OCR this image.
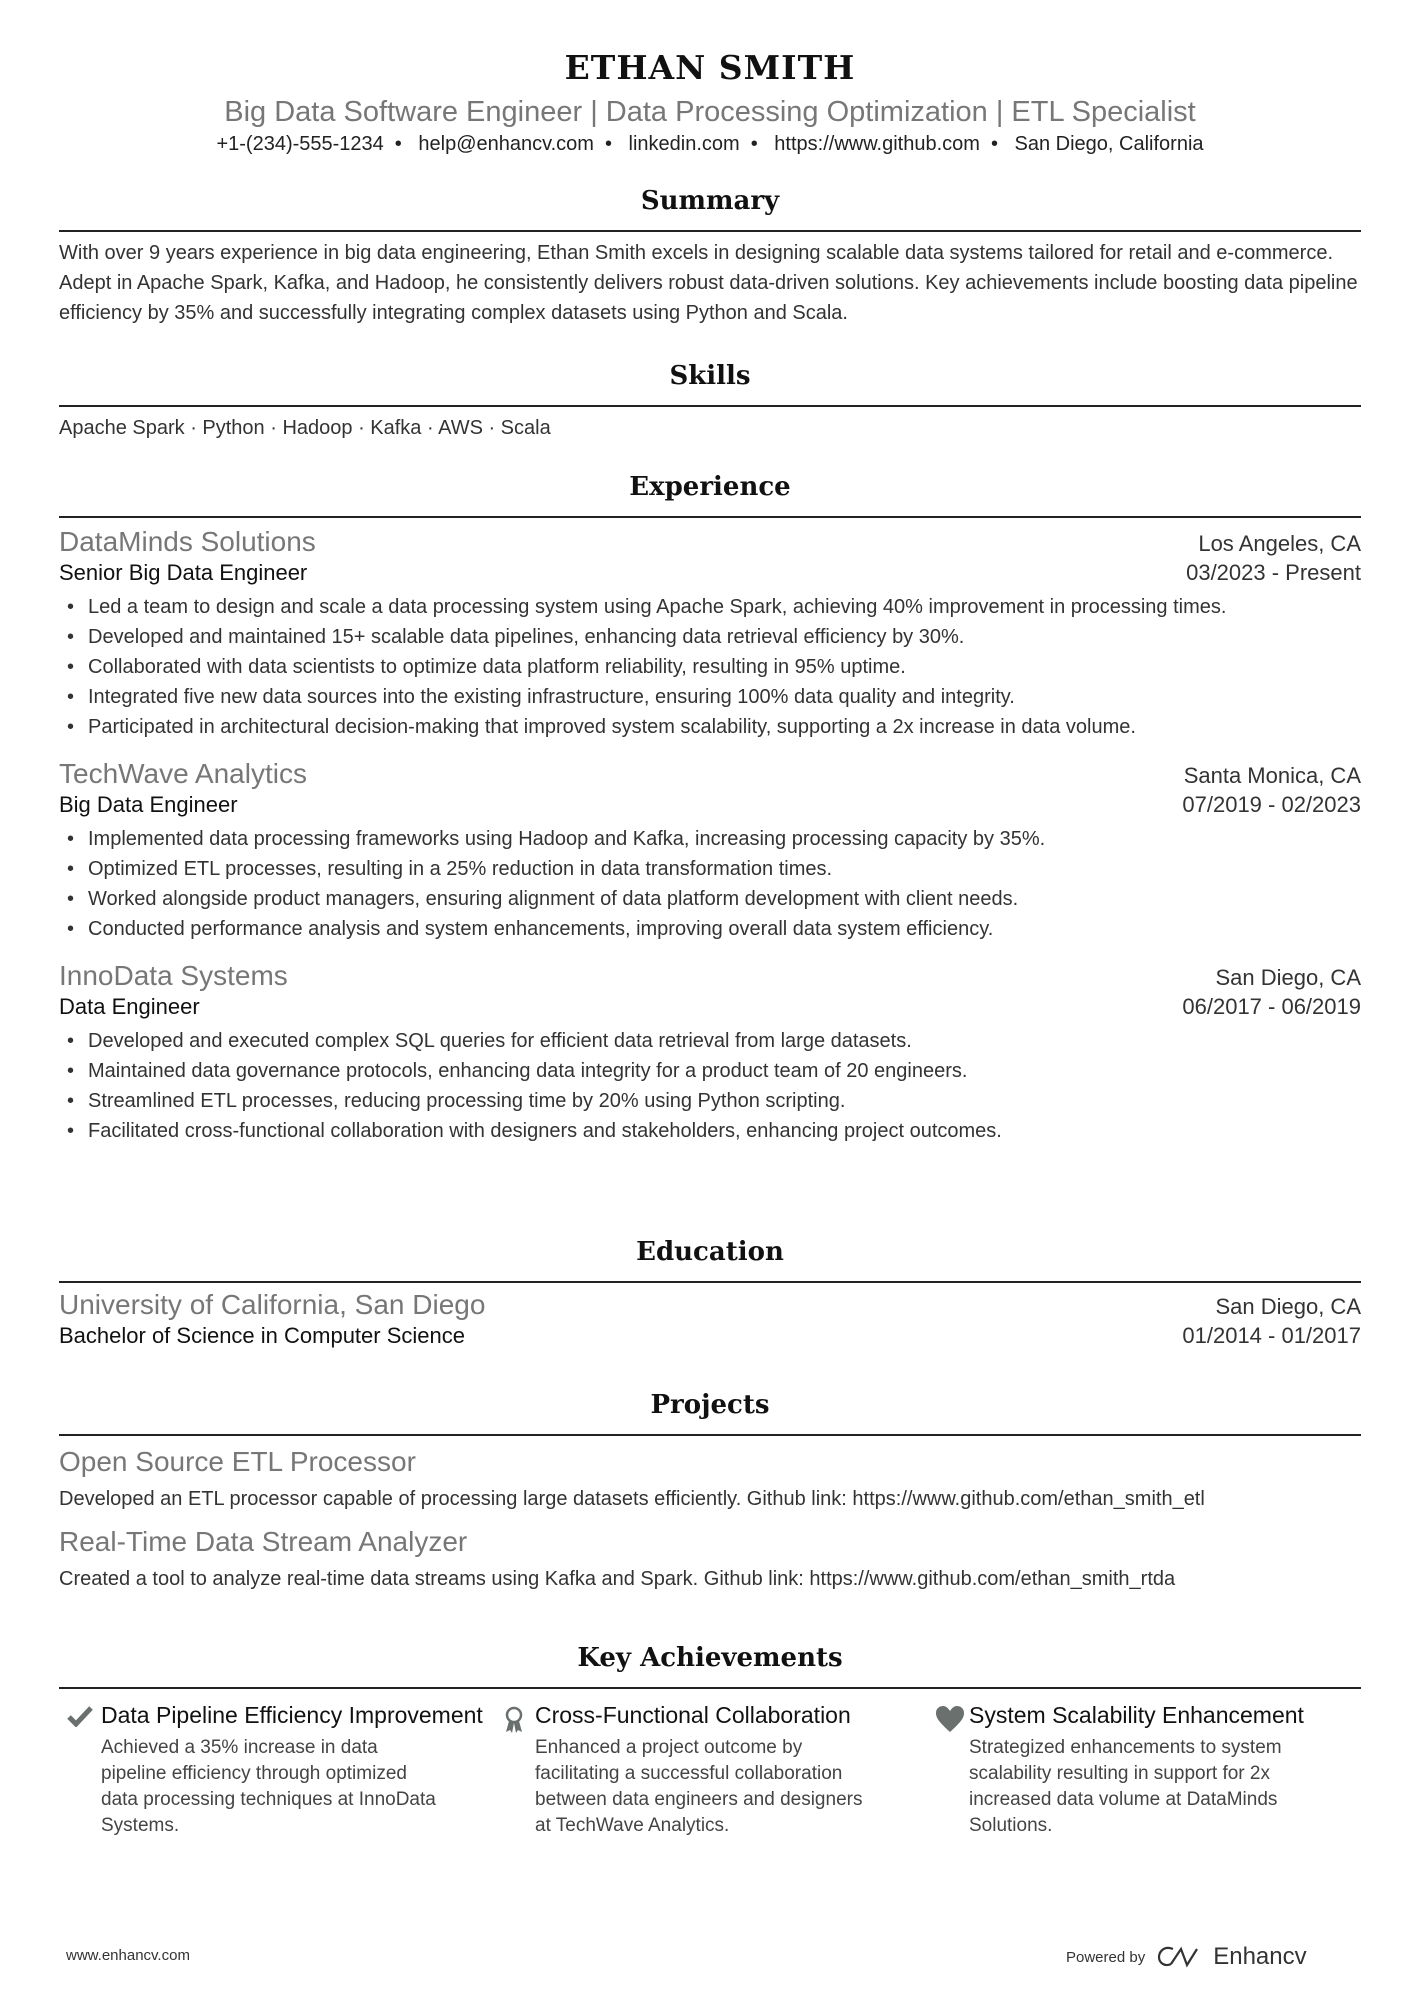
ETHAN SMITH
Big Data Software Engineer | Data Processing Optimization | ETL Specialist
+1-(234)-555-1234 • help@enhancv.com • linkedin.com • https://www.github.com • San Diego, California
Summary
With over 9 years experience in big data engineering, Ethan Smith excels in designing scalable data systems tailored for retail and e-commerce. Adept in Apache Spark, Kafka, and Hadoop, he consistently delivers robust data-driven solutions. Key achievements include boosting data pipeline efficiency by 35% and successfully integrating complex datasets using Python and Scala.
Skills
Apache Spark · Python · Hadoop · Kafka · AWS · Scala
Experience
DataMinds Solutions	Los Angeles, CA
Senior Big Data Engineer	03/2023 - Present
• Led a team to design and scale a data processing system using Apache Spark, achieving 40% improvement in processing times.
• Developed and maintained 15+ scalable data pipelines, enhancing data retrieval efficiency by 30%.
• Collaborated with data scientists to optimize data platform reliability, resulting in 95% uptime.
• Integrated five new data sources into the existing infrastructure, ensuring 100% data quality and integrity.
• Participated in architectural decision-making that improved system scalability, supporting a 2x increase in data volume.
TechWave Analytics	Santa Monica, CA
Big Data Engineer	07/2019 - 02/2023
• Implemented data processing frameworks using Hadoop and Kafka, increasing processing capacity by 35%.
• Optimized ETL processes, resulting in a 25% reduction in data transformation times.
• Worked alongside product managers, ensuring alignment of data platform development with client needs.
• Conducted performance analysis and system enhancements, improving overall data system efficiency.
InnoData Systems	San Diego, CA
Data Engineer	06/2017 - 06/2019
• Developed and executed complex SQL queries for efficient data retrieval from large datasets.
• Maintained data governance protocols, enhancing data integrity for a product team of 20 engineers.
• Streamlined ETL processes, reducing processing time by 20% using Python scripting.
• Facilitated cross-functional collaboration with designers and stakeholders, enhancing project outcomes.
Education
University of California, San Diego	San Diego, CA
Bachelor of Science in Computer Science	01/2014 - 01/2017
Projects
Open Source ETL Processor
Developed an ETL processor capable of processing large datasets efficiently. Github link: https://www.github.com/ethan_smith_etl
Real-Time Data Stream Analyzer
Created a tool to analyze real-time data streams using Kafka and Spark. Github link: https://www.github.com/ethan_smith_rtda
Key Achievements
Data Pipeline Efficiency Improvement
Achieved a 35% increase in data pipeline efficiency through optimized data processing techniques at InnoData Systems.
Cross-Functional Collaboration
Enhanced a project outcome by facilitating a successful collaboration between data engineers and designers at TechWave Analytics.
System Scalability Enhancement
Strategized enhancements to system scalability resulting in support for 2x increased data volume at DataMinds Solutions.
www.enhancv.com	Powered by	Enhancv
